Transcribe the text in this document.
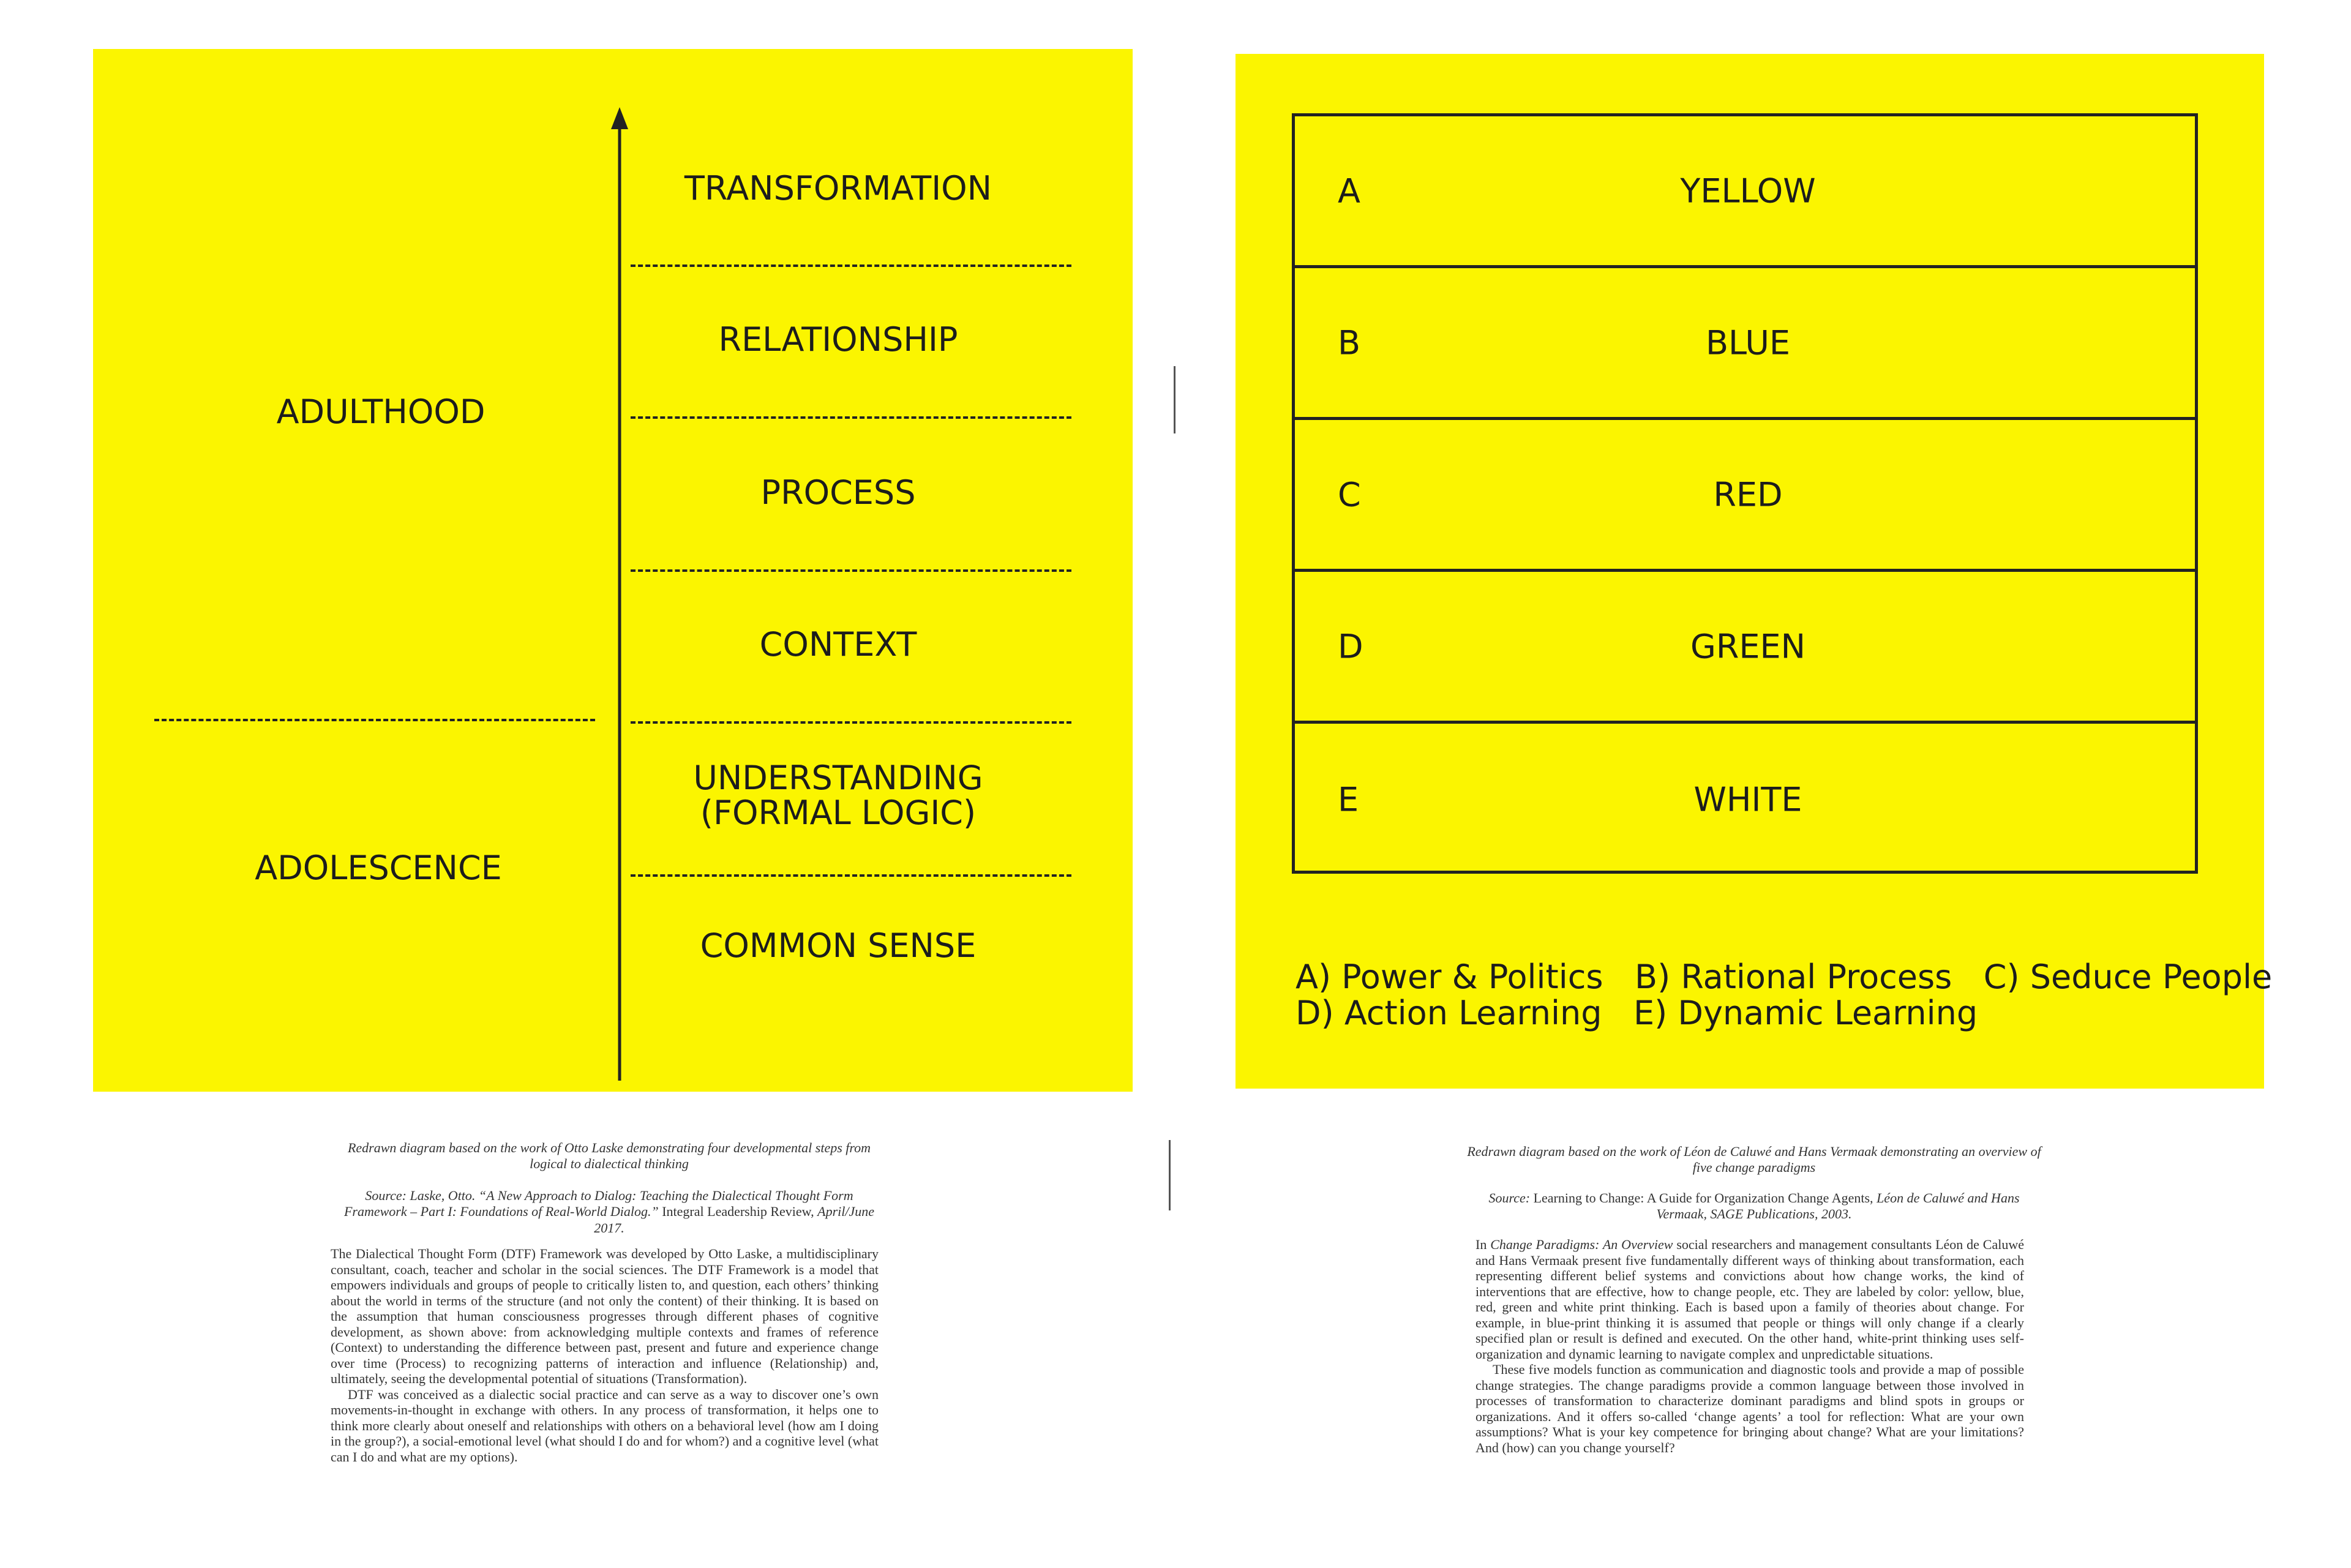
TRANSFORMATION
RELATIONSHIP
PROCESS
CONTEXT
UNDERSTANDING
(FORMAL LOGIC)
COMMON SENSE
ADULTHOOD
ADOLESCENCE
A	YELLOW
B	BLUE
C	RED
D	GREEN
E	WHITE
A) Power & Politics   B) Rational Process   C) Seduce People
D) Action Learning   E) Dynamic Learning
Redrawn diagram based on the work of Otto Laske demonstrating four developmental steps from logical to dialectical thinking
Source: Laske, Otto. “A New Approach to Dialog: Teaching the Dialectical Thought Form Framework – Part I: Foundations of Real-World Dialog.” Integral Leadership Review, April/June 2017.

The Dialectical Thought Form (DTF) Framework was developed by Otto Laske, a multidisciplinary consultant, coach, teacher and scholar in the social sciences. The DTF Framework is a model that empowers individuals and groups of people to critically listen to, and question, each others’ thinking about the world in terms of the structure (and not only the content) of their thinking. It is based on the assumption that human consciousness progresses through different phases of cognitive development, as shown above: from acknowledging multiple contexts and frames of reference (Context) to understanding the difference between past, present and future and experience change over time (Process) to recognizing patterns of interaction and influence (Relationship) and, ultimately, seeing the developmental potential of situations (Transformation).

DTF was conceived as a dialectic social practice and can serve as a way to discover one’s own movements-in-thought in exchange with others. In any process of transformation, it helps one to think more clearly about oneself and relationships with others on a behavioral level (how am I doing in the group?), a social-emotional level (what should I do and for whom?) and a cognitive level (what can I do and what are my options).

Redrawn diagram based on the work of Léon de Caluwé and Hans Vermaak demonstrating an overview of five change paradigms
Source: Learning to Change: A Guide for Organization Change Agents, Léon de Caluwé and Hans Vermaak, SAGE Publications, 2003.

In Change Paradigms: An Overview social researchers and management consultants Léon de Caluwé and Hans Vermaak present five fundamentally different ways of thinking about transformation, each representing different belief systems and convictions about how change works, the kind of interventions that are effective, how to change people, etc. They are labeled by color: yellow, blue, red, green and white print thinking. Each is based upon a family of theories about change. For example, in blue-print thinking it is assumed that people or things will only change if a clearly specified plan or result is defined and executed. On the other hand, white-print thinking uses self-organization and dynamic learning to navigate complex and unpredictable situations.

These five models function as communication and diagnostic tools and provide a map of possible change strategies. The change paradigms provide a common language between those involved in processes of transformation to characterize dominant paradigms and blind spots in groups or organizations. And it offers so-called ‘change agents’ a tool for reflection: What are your own assumptions? What is your key competence for bringing about change? What are your limitations? And (how) can you change yourself?
